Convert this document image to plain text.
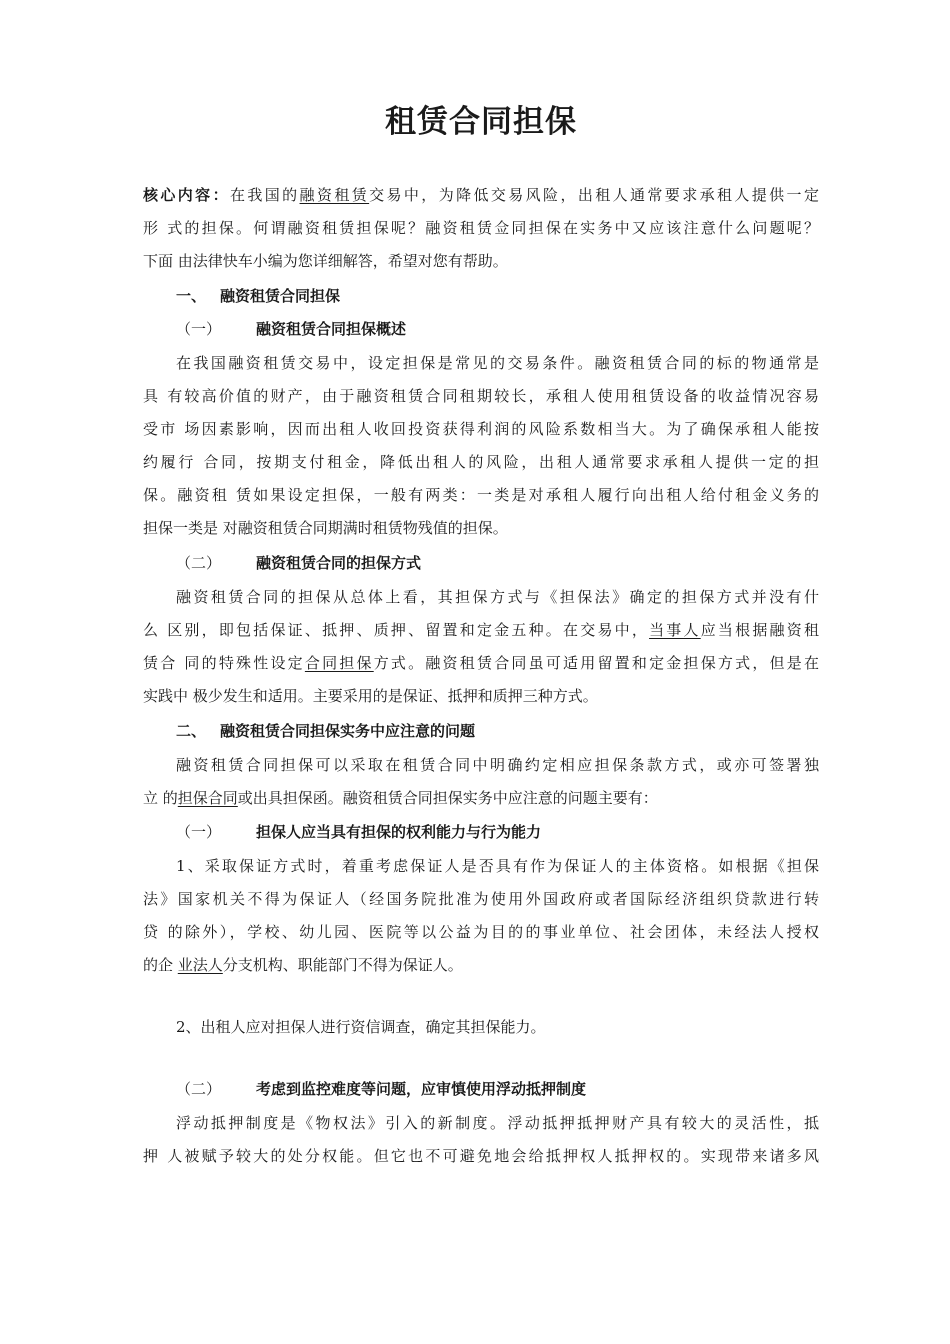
租赁合同担保
核心内容：在我国的融资租赁交易中，为降低交易风险，出租人通常要求承租人提供一定
形 式的担保。何谓融资租赁担保呢？融资租赁佥同担保在实务中又应该注意什么问题呢？
下面 由法律快车小编为您详细解答，希望对您有帮助。
一、 融资租赁合同担保
（一） 融资租赁合同担保概述
在我国融资租赁交易中，设定担保是常见的交易条件。融资租赁合同的标的物通常是
具 有较高价值的财产，由于融资租赁合同租期较长，承租人使用租赁设备的收益情况容易
受市 场因素影响，因而出租人收回投资获得利润的风险系数相当大。为了确保承租人能按
约履行 合同，按期支付租金，降低出租人的风险，出租人通常要求承租人提供一定的担
保。融资租 赁如果设定担保，一般有两类：一类是对承租人履行向出租人给付租金义务的
担保一类是 对融资租赁合同期满时租赁物残值的担保。
（二） 融资租赁合同的担保方式
融资租赁合同的担保从总体上看，其担保方式与《担保法》确定的担保方式并没有什
么 区别，即包括保证、抵押、质押、留置和定金五种。在交易中，当事人应当根据融资租
赁合 同的特殊性设定合同担保方式。融资租赁合同虽可适用留置和定金担保方式，但是在
实践中 极少发生和适用。主要采用的是保证、抵押和质押三种方式。
二、 融资租赁合同担保实务中应注意的问题
融资租赁合同担保可以采取在租赁合同中明确约定相应担保条款方式，或亦可签署独
立 的担保合同或出具担保函。融资租赁合同担保实务中应注意的问题主要有：
（一） 担保人应当具有担保的权利能力与行为能力
1、采取保证方式时，着重考虑保证人是否具有作为保证人的主体资格。如根据《担保
法》国家机关不得为保证人（经国务院批准为使用外国政府或者国际经济组织贷款进行转
贷 的除外），学校、幼儿园、医院等以公益为目的的事业单位、社会团体，未经法人授权
的企 业法人分支机构、职能部门不得为保证人。
2、出租人应对担保人进行资信调查，确定其担保能力。
（二） 考虑到监控难度等问题，应审慎使用浮动抵押制度
浮动抵押制度是《物权法》引入的新制度。浮动抵押抵押财产具有较大的灵活性，抵
押 人被赋予较大的处分权能。但它也不可避免地会给抵押权人抵押权的。实现带来诸多风
